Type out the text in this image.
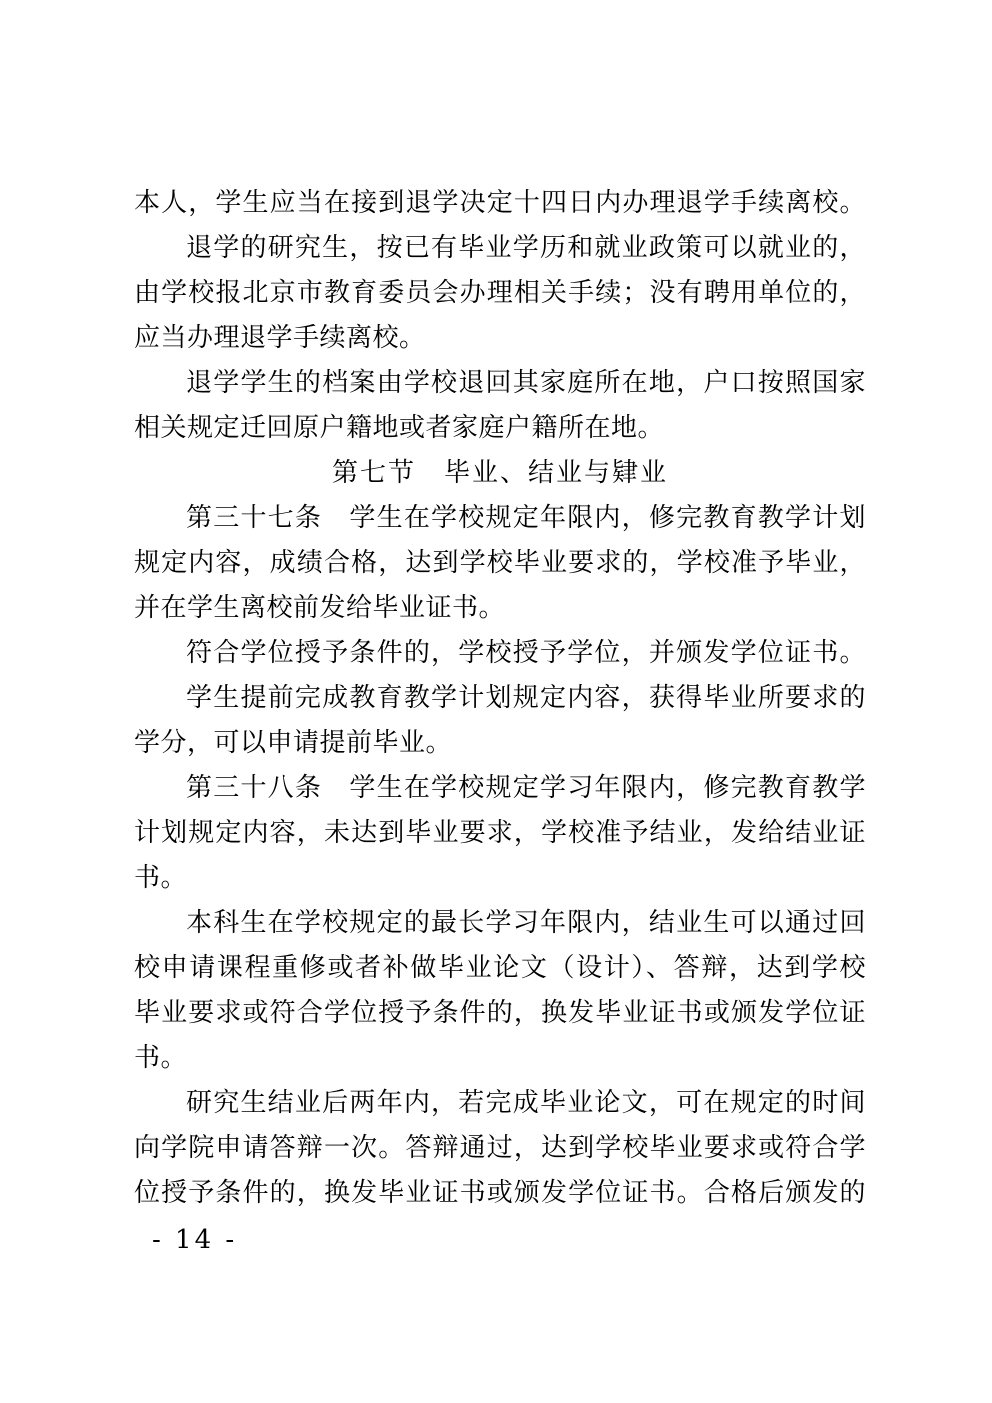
本人，学生应当在接到退学决定十四日内办理退学手续离校。
退学的研究生，按已有毕业学历和就业政策可以就业的，
由学校报北京市教育委员会办理相关手续；没有聘用单位的，
应当办理退学手续离校。
退学学生的档案由学校退回其家庭所在地，户口按照国家
相关规定迁回原户籍地或者家庭户籍所在地。
第七节　毕业、结业与肄业
第三十七条　学生在学校规定年限内，修完教育教学计划
规定内容，成绩合格，达到学校毕业要求的，学校准予毕业，
并在学生离校前发给毕业证书。
符合学位授予条件的，学校授予学位，并颁发学位证书。
学生提前完成教育教学计划规定内容，获得毕业所要求的
学分，可以申请提前毕业。
第三十八条　学生在学校规定学习年限内，修完教育教学
计划规定内容，未达到毕业要求，学校准予结业，发给结业证
书。
本科生在学校规定的最长学习年限内，结业生可以通过回
校申请课程重修或者补做毕业论文（设计）、答辩，达到学校
毕业要求或符合学位授予条件的，换发毕业证书或颁发学位证
书。
研究生结业后两年内，若完成毕业论文，可在规定的时间
向学院申请答辩一次。答辩通过，达到学校毕业要求或符合学
位授予条件的，换发毕业证书或颁发学位证书。合格后颁发的
- 14 -
